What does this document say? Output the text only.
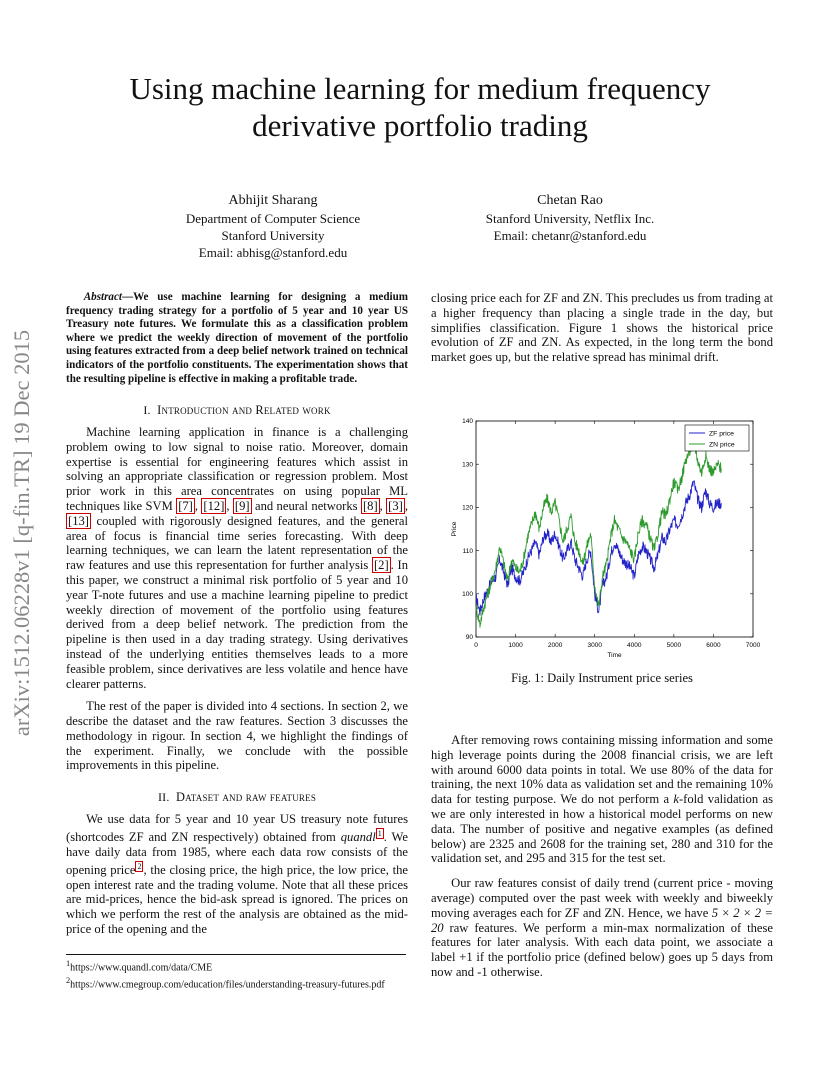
Using machine learning for medium frequency
derivative portfolio trading
Abhijit Sharang
Department of Computer Science
Stanford University
Email: abhisg@stanford.edu
Chetan Rao
Stanford University, Netflix Inc.
Email: chetanr@stanford.edu
arXiv:1512.06228v1 [q-fin.TR] 19 Dec 2015

Abstract—We use machine learning for designing a medium frequency trading strategy for a portfolio of 5 year and 10 year US Treasury note futures. We formulate this as a classification problem where we predict the weekly direction of movement of the portfolio using features extracted from a deep belief network trained on technical indicators of the portfolio constituents. The experimentation shows that the resulting pipeline is effective in making a profitable trade.

I. Introduction and Related work

Machine learning application in finance is a challenging problem owing to low signal to noise ratio. Moreover, domain expertise is essential for engineering features which assist in solving an appropriate classification or regression problem. Most prior work in this area concentrates on using popular ML techniques like SVM [7] , [12] , [9] and neural networks [8] , [3] , [13] coupled with rigorously designed features, and the general area of focus is financial time series forecasting. With deep learning techniques, we can learn the latent representation of the raw features and use this representation for further analysis [2] . In this paper, we construct a minimal risk portfolio of 5 year and 10 year T-note futures and use a machine learning pipeline to predict weekly direction of movement of the portfolio using features derived from a deep belief network. The prediction from the pipeline is then used in a day trading strategy. Using derivatives instead of the underlying entities themselves leads to a more feasible problem, since derivatives are less volatile and hence have clearer patterns.

The rest of the paper is divided into 4 sections. In section 2, we describe the dataset and the raw features. Section 3 discusses the methodology in rigour. In section 4, we highlight the findings of the experiment. Finally, we conclude with the possible improvements in this pipeline.

II. Dataset and raw features

We use data for 5 year and 10 year US treasury note futures (shortcodes ZF and ZN respectively) obtained from quandl $^1$ . We have daily data from 1985, where each data row consists of the opening price $^2$ , the closing price, the high price, the low price, the open interest rate and the trading volume. Note that all these prices are mid-prices, hence the bid-ask spread is ignored. The prices on which we perform the rest of the analysis are obtained as the mid-price of the opening and the

$^1$https://www.quandl.com/data/CME
$^2$https://www.cmegroup.com/education/files/understanding-treasury-futures.pdf

closing price each for ZF and ZN. This precludes us from trading at a higher frequency than placing a single trade in the day, but simplifies classification. Figure 1 shows the historical price evolution of ZF and ZN. As expected, in the long term the bond market goes up, but the relative spread has minimal drift.

0	1000	2000	3000	4000	5000	6000	7000
90
100
110
120
130
140
Time
Price
ZF price
ZN price
Fig. 1: Daily Instrument price series

After removing rows containing missing information and some high leverage points during the 2008 financial crisis, we are left with around 6000 data points in total. We use 80% of the data for training, the next 10% data as validation set and the remaining 10% data for testing purpose. We do not perform a k-fold validation as we are only interested in how a historical model performs on new data. The number of positive and negative examples (as defined below) are 2325 and 2608 for the training set, 280 and 310 for the validation set, and 295 and 315 for the test set.

Our raw features consist of daily trend (current price - moving average) computed over the past week with weekly and biweekly moving averages each for ZF and ZN. Hence, we have 5 × 2 × 2 = 20 raw features. We perform a min-max normalization of these features for later analysis. With each data point, we associate a label +1 if the portfolio price (defined below) goes up 5 days from now and -1 otherwise.
